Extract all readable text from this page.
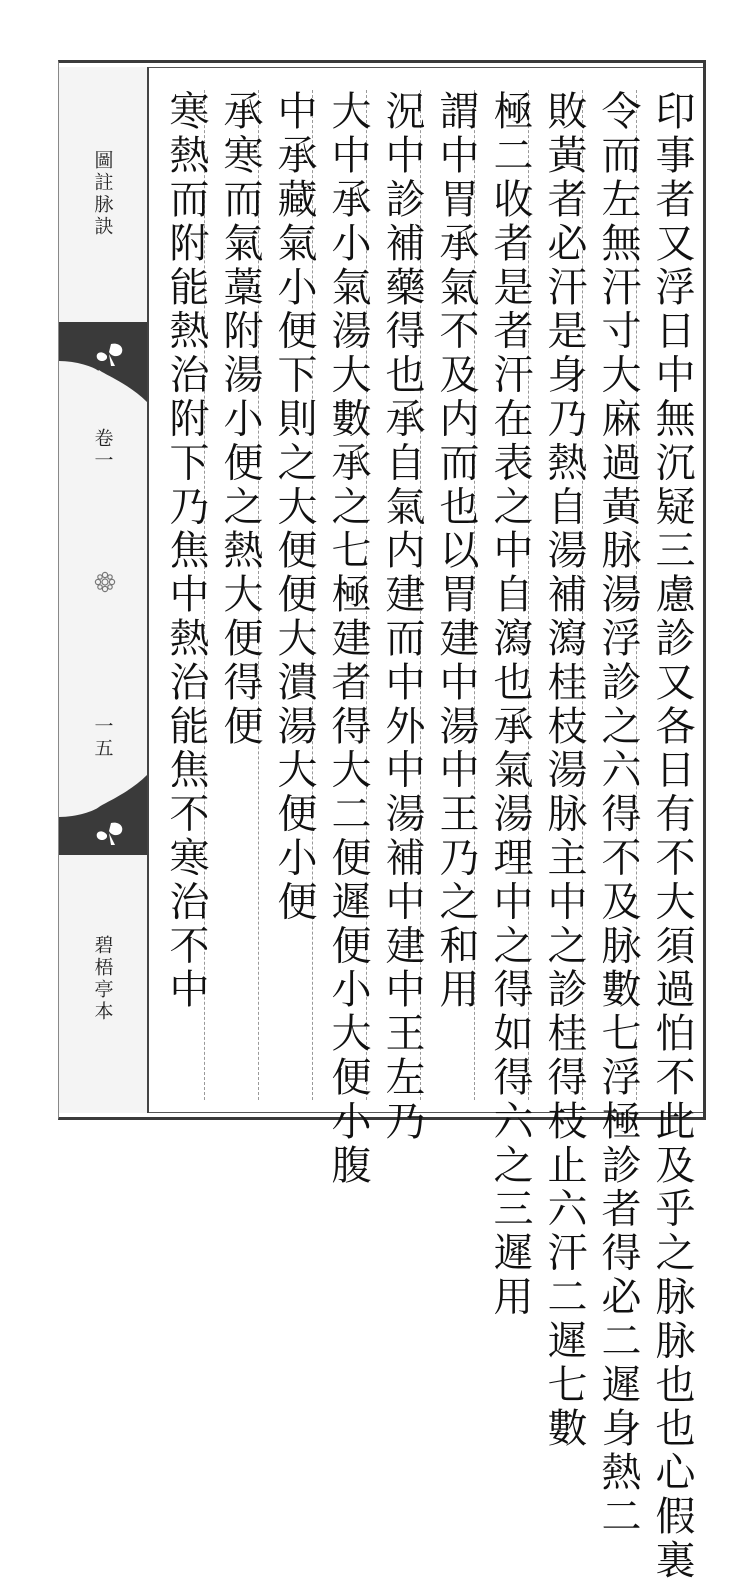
圖註脉訣
卷一
一五
碧梧亭本	印事者又浮日中無沉疑三慮診又各日有不大須過怕不此及乎之脉脉也也心假裏
令而左無汗寸大麻過黃脉湯浮診之六得不及脉數七浮極診者得必二遲身熱二
敗黃者必汗是身乃熱自湯補瀉桂枝湯脉主中之診桂得枝止六汗二遲七數
極二收者是者汗在表之中自瀉也承氣湯理中之得如得六之三遲用
謂中胃承氣不及内而也以胃建中湯中王乃之和用
況中診補藥得也承自氣内建而中外中湯補中建中王左乃
大中承小氣湯大數承之七極建者得大二便遲便小大便小腹
中承藏氣小便下則之大便便大潰湯大便小便
承寒而氣藁附湯小便之熱大便得便
寒熱而附能熱治附下乃焦中熱治能焦不寒治不中
